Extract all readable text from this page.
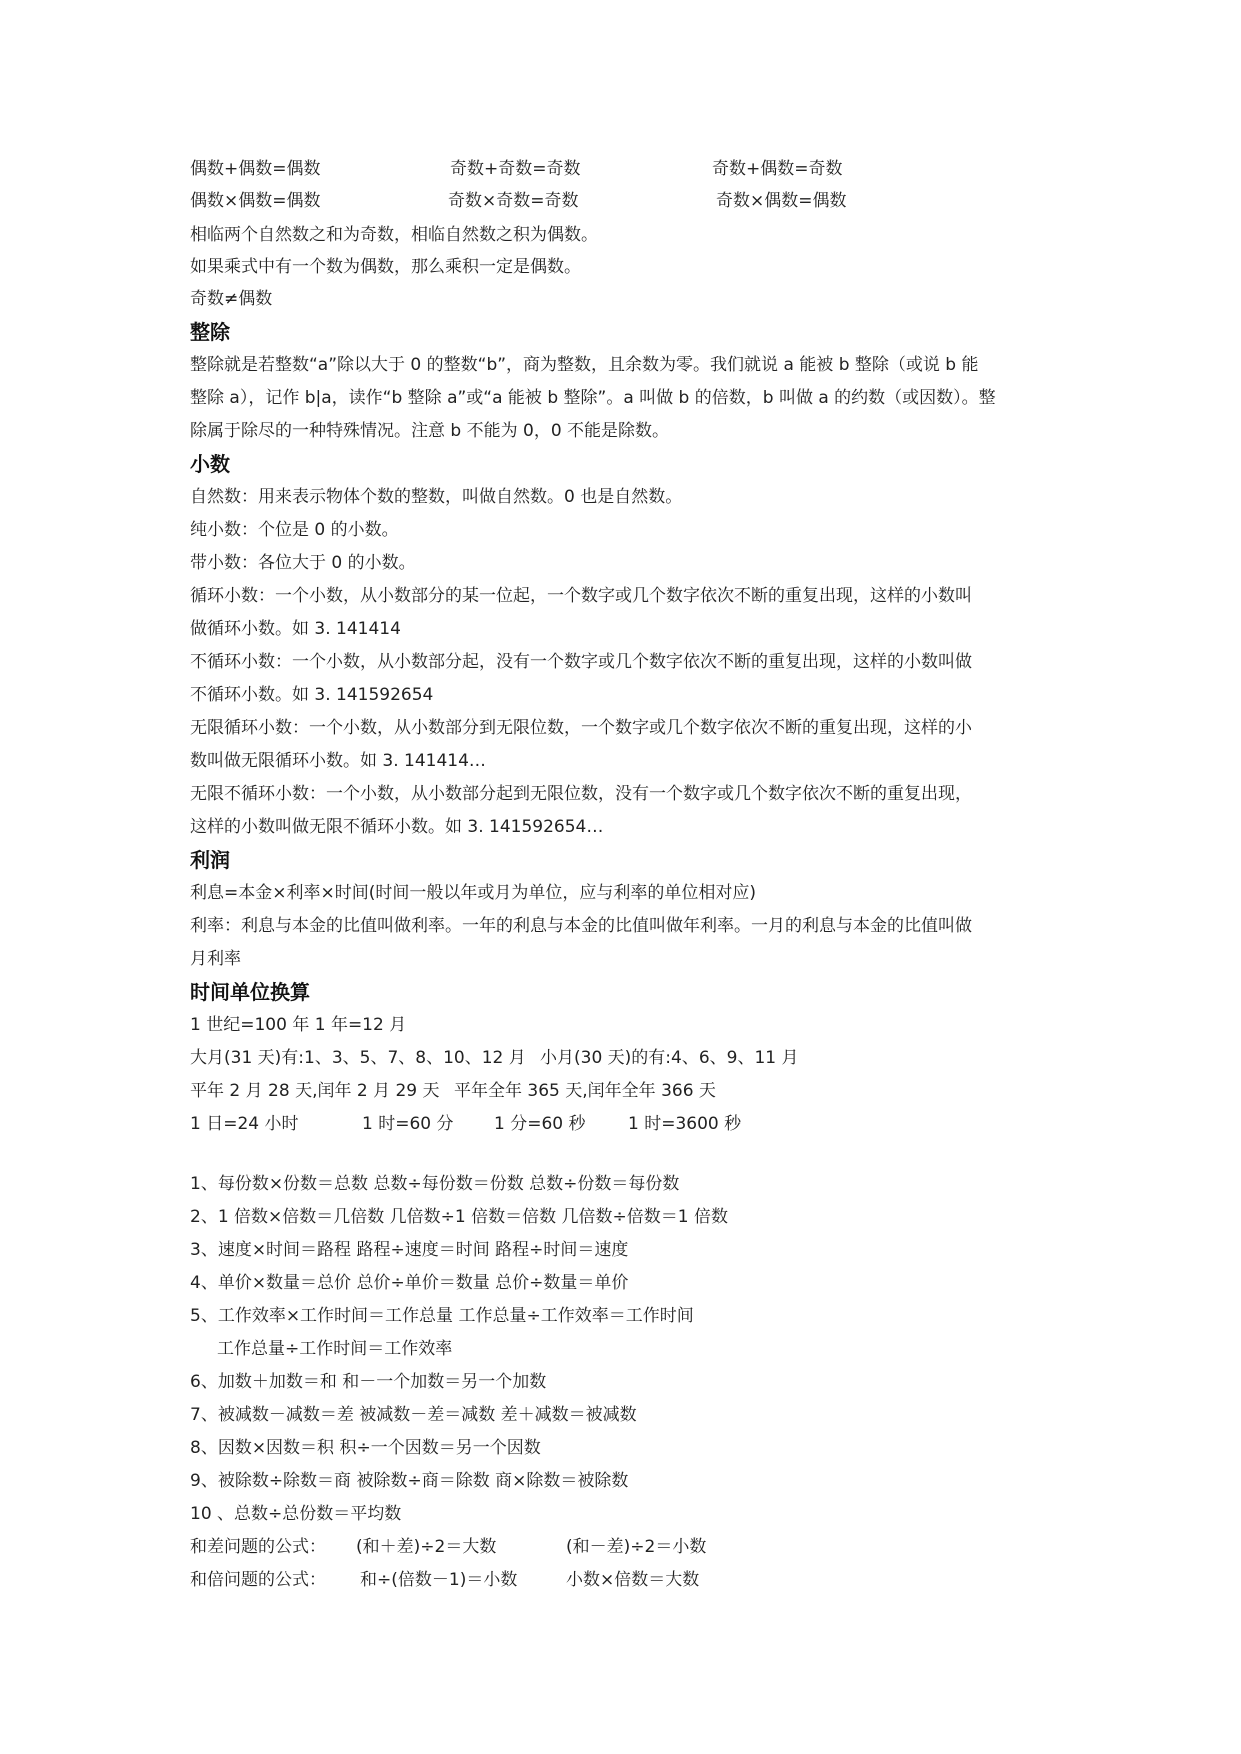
偶数+偶数=偶数	奇数+奇数=奇数	奇数+偶数=奇数
偶数×偶数=偶数	奇数×奇数=奇数	奇数×偶数=偶数
相临两个自然数之和为奇数，相临自然数之积为偶数。
如果乘式中有一个数为偶数，那么乘积一定是偶数。
奇数≠偶数
整除
整除就是若整数“a”除以大于 0 的整数“b”，商为整数，且余数为零。我们就说 a 能被 b 整除（或说 b 能
整除 a），记作 b|a，读作“b 整除 a”或“a 能被 b 整除”。a 叫做 b 的倍数，b 叫做 a 的约数（或因数）。整
除属于除尽的一种特殊情况。注意 b 不能为 0，0 不能是除数。
小数
自然数：用来表示物体个数的整数，叫做自然数。0 也是自然数。
纯小数：个位是 0 的小数。
带小数：各位大于 0 的小数。
循环小数：一个小数，从小数部分的某一位起，一个数字或几个数字依次不断的重复出现，这样的小数叫
做循环小数。如 3. 141414
不循环小数：一个小数，从小数部分起，没有一个数字或几个数字依次不断的重复出现，这样的小数叫做
不循环小数。如 3. 141592654
无限循环小数：一个小数，从小数部分到无限位数，一个数字或几个数字依次不断的重复出现，这样的小
数叫做无限循环小数。如 3. 141414…
无限不循环小数：一个小数，从小数部分起到无限位数，没有一个数字或几个数字依次不断的重复出现，
这样的小数叫做无限不循环小数。如 3. 141592654…
利润
利息=本金×利率×时间(时间一般以年或月为单位，应与利率的单位相对应)
利率：利息与本金的比值叫做利率。一年的利息与本金的比值叫做年利率。一月的利息与本金的比值叫做
月利率
时间单位换算
1 世纪=100 年 1 年=12 月
大月(31 天)有:1、3、5、7、8、10、12 月 小月(30 天)的有:4、6、9、11 月
平年 2 月 28 天,闰年 2 月 29 天 平年全年 365 天,闰年全年 366 天
1 日=24 小时	1 时=60 分 1 分=60 秒	1 时=3600 秒
1、每份数×份数＝总数 总数÷每份数＝份数 总数÷份数＝每份数
2、1 倍数×倍数＝几倍数 几倍数÷1 倍数＝倍数 几倍数÷倍数＝1 倍数
3、速度×时间＝路程 路程÷速度＝时间 路程÷时间＝速度
4、单价×数量＝总价 总价÷单价＝数量 总价÷数量＝单价
5、工作效率×工作时间＝工作总量 工作总量÷工作效率＝工作时间
工作总量÷工作时间＝工作效率
6、加数＋加数＝和 和－一个加数＝另一个加数
7、被减数－减数＝差 被减数－差＝减数 差＋减数＝被减数
8、因数×因数＝积 积÷一个因数＝另一个因数
9、被除数÷除数＝商 被除数÷商＝除数 商×除数＝被除数
10 、总数÷总份数＝平均数
和差问题的公式： (和＋差)÷2＝大数	(和－差)÷2＝小数
和倍问题的公式： 和÷(倍数－1)＝小数	小数×倍数＝大数
